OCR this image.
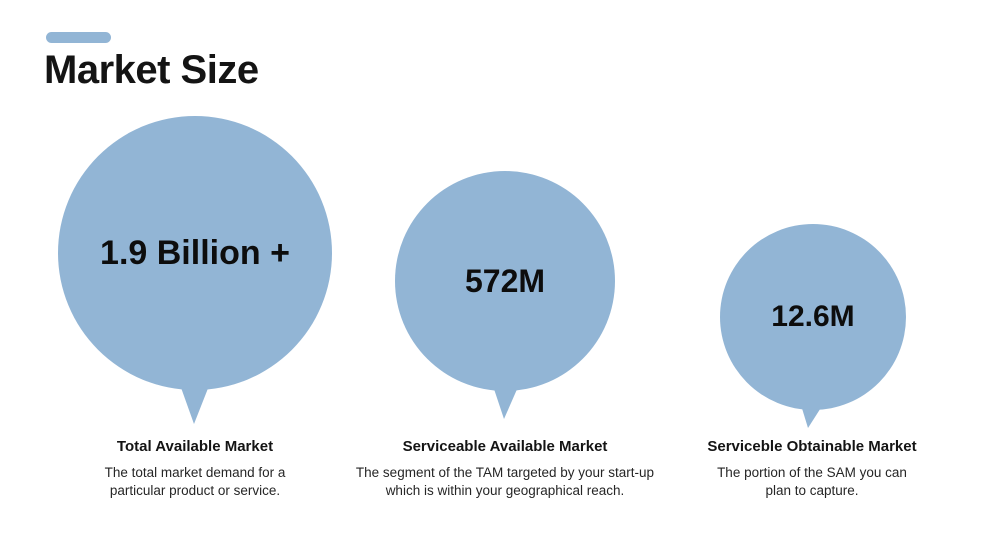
Market Size
1.9 Billion +
572M
12.6M

Total Available Market

The total market demand for a particular product or service.

Serviceable Available Market

The segment of the TAM targeted by your start-up which is within your geographical reach.

Serviceble Obtainable Market

The portion of the SAM you can plan to capture.
